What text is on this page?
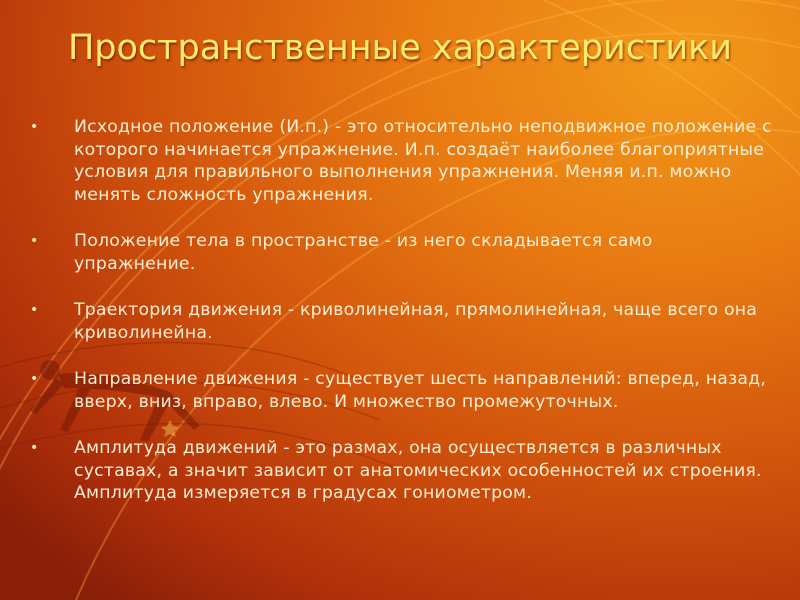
Пространственные характеристики
•	Исходное положение (И.п.) - это относительно неподвижное положение с которого начинается упражнение. И.п. создаёт наиболее благоприятные условия для правильного выполнения упражнения. Меняя и.п. можно менять сложность упражнения.
•	Положение тела в пространстве - из него складывается само упражнение.
•	Траектория движения - криволинейная, прямолинейная, чаще всего она криволинейна.
•	Направление движения - существует шесть направлений: вперед, назад, вверх, вниз, вправо, влево. И множество промежуточных.
•	Амплитуда движений - это размах, она осуществляется в различных суставах, а значит зависит от анатомических особенностей их строения. Амплитуда измеряется в градусах гониометром.
